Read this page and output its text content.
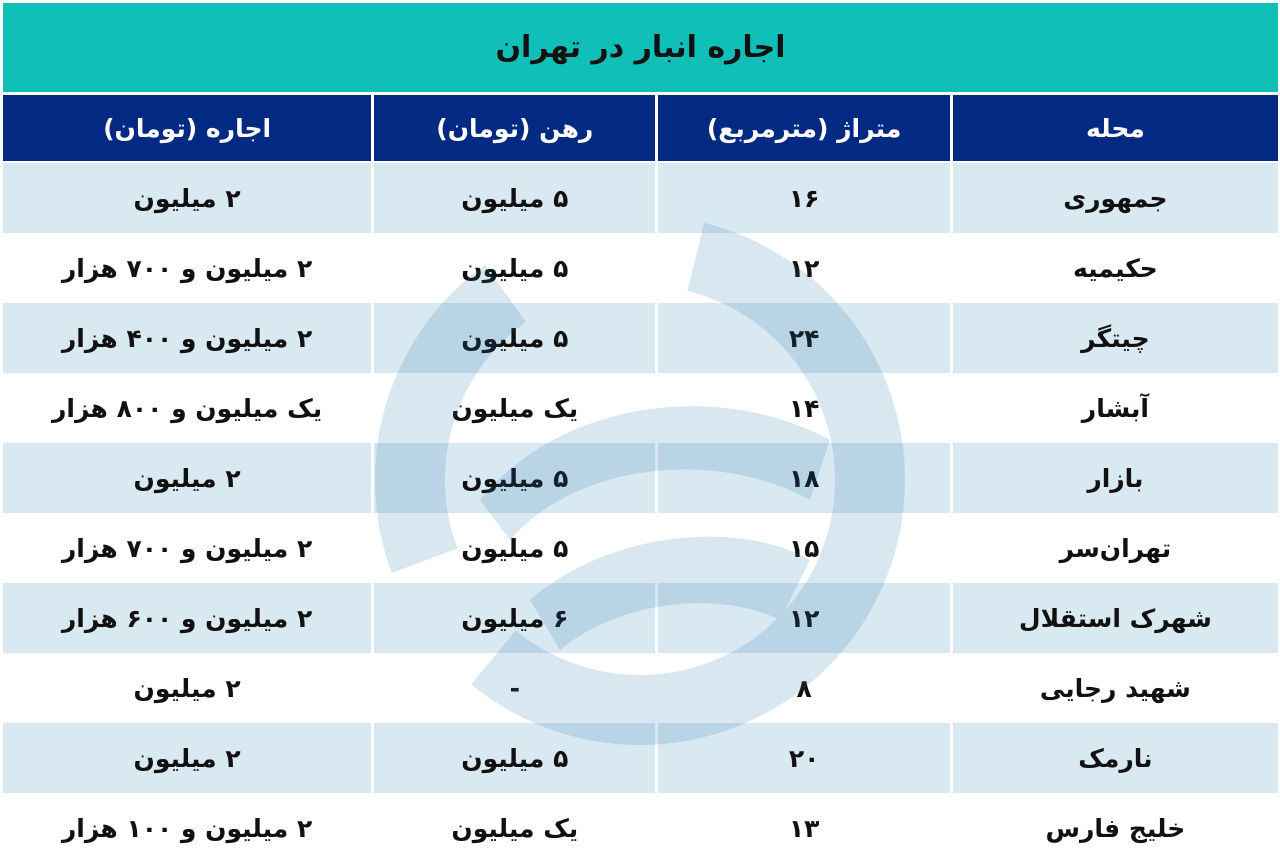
اجاره انبار در تهران
محله
متراژ (مترمربع)
رهن (تومان)
اجاره (تومان)
جمهوری
۱۶
۵ میلیون
۲ میلیون
حکیمیه
۱۲
۵ میلیون
۲ میلیون و ۷۰۰ هزار
چیتگر
۲۴
۵ میلیون
۲ میلیون و ۴۰۰ هزار
آبشار
۱۴
یک میلیون
یک میلیون و ۸۰۰ هزار
بازار
۱۸
۵ میلیون
۲ میلیون
تهران‌سر
۱۵
۵ میلیون
۲ میلیون و ۷۰۰ هزار
شهرک استقلال
۱۲
۶ میلیون
۲ میلیون و ۶۰۰ هزار
شهید رجایی
۸
-
۲ میلیون
نارمک
۲۰
۵ میلیون
۲ میلیون
خلیج فارس
۱۳
یک میلیون
۲ میلیون و ۱۰۰ هزار
